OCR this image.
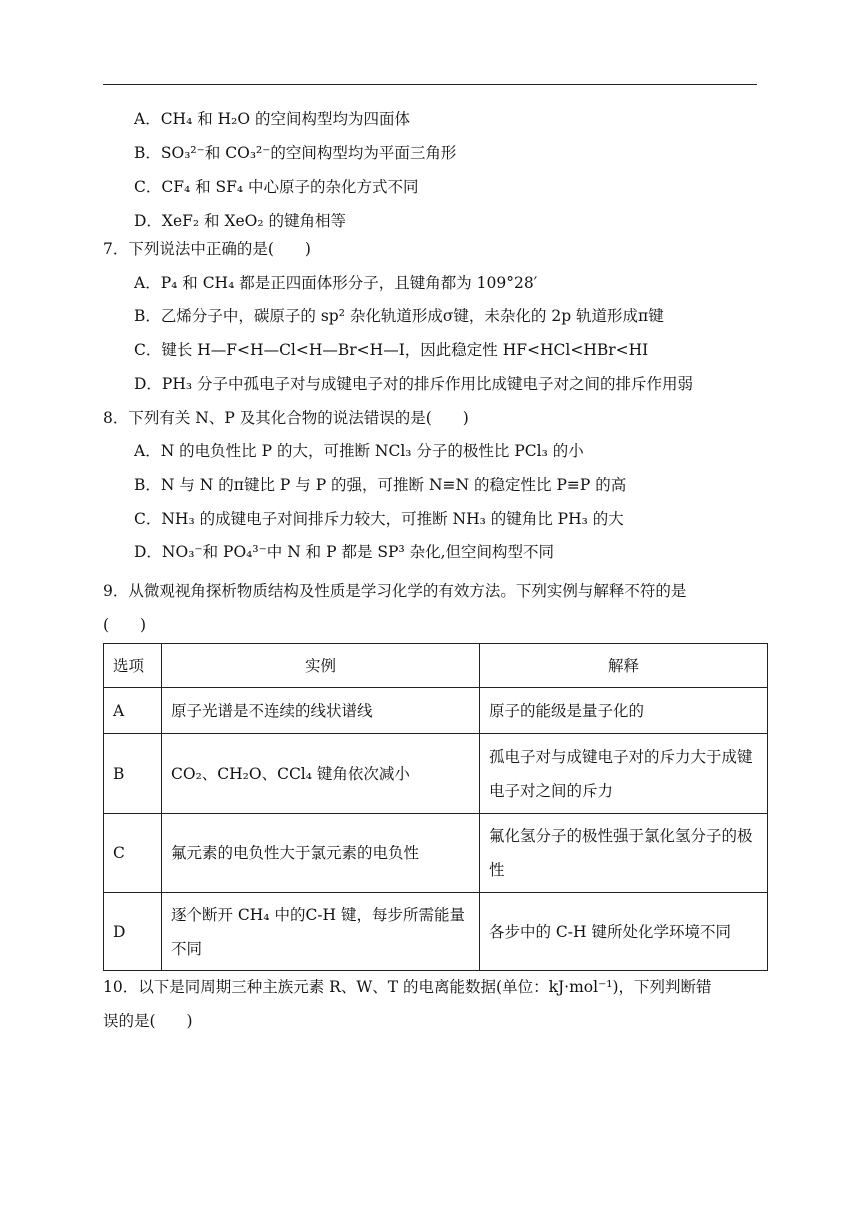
A．CH₄ 和 H₂O 的空间构型均为四面体
B．SO₃²⁻和 CO₃²⁻的空间构型均为平面三角形
C．CF₄ 和 SF₄ 中心原子的杂化方式不同
D．XeF₂ 和 XeO₂ 的键角相等
7．下列说法中正确的是(　　)
A．P₄ 和 CH₄ 都是正四面体形分子，且键角都为 109°28′
B．乙烯分子中，碳原子的 sp² 杂化轨道形成σ键，未杂化的 2p 轨道形成π键
C．键长 H—F<H—Cl<H—Br<H—I，因此稳定性 HF<HCl<HBr<HI
D．PH₃ 分子中孤电子对与成键电子对的排斥作用比成键电子对之间的排斥作用弱
8．下列有关 N、P 及其化合物的说法错误的是(　　)
A．N 的电负性比 P 的大，可推断 NCl₃ 分子的极性比 PCl₃ 的小
B．N 与 N 的π键比 P 与 P 的强，可推断 N≡N 的稳定性比 P≡P 的高
C．NH₃ 的成键电子对间排斥力较大，可推断 NH₃ 的键角比 PH₃ 的大
D．NO₃⁻和 PO₄³⁻中 N 和 P 都是 SP³ 杂化,但空间构型不同
9．从微观视角探析物质结构及性质是学习化学的有效方法。下列实例与解释不符的是
(　　)
选项	实例	解释
A	原子光谱是不连续的线状谱线	原子的能级是量子化的
B	CO₂、CH₂O、CCl₄ 键角依次减小	孤电子对与成键电子对的斥力大于成键电子对之间的斥力
C	氟元素的电负性大于氯元素的电负性	氟化氢分子的极性强于氯化氢分子的极性
D	逐个断开 CH₄ 中的C-H 键，每步所需能量不同	各步中的 C-H 键所处化学环境不同
10．以下是同周期三种主族元素 R、W、T 的电离能数据(单位：kJ·mol⁻¹)，下列判断错
误的是(　　)
